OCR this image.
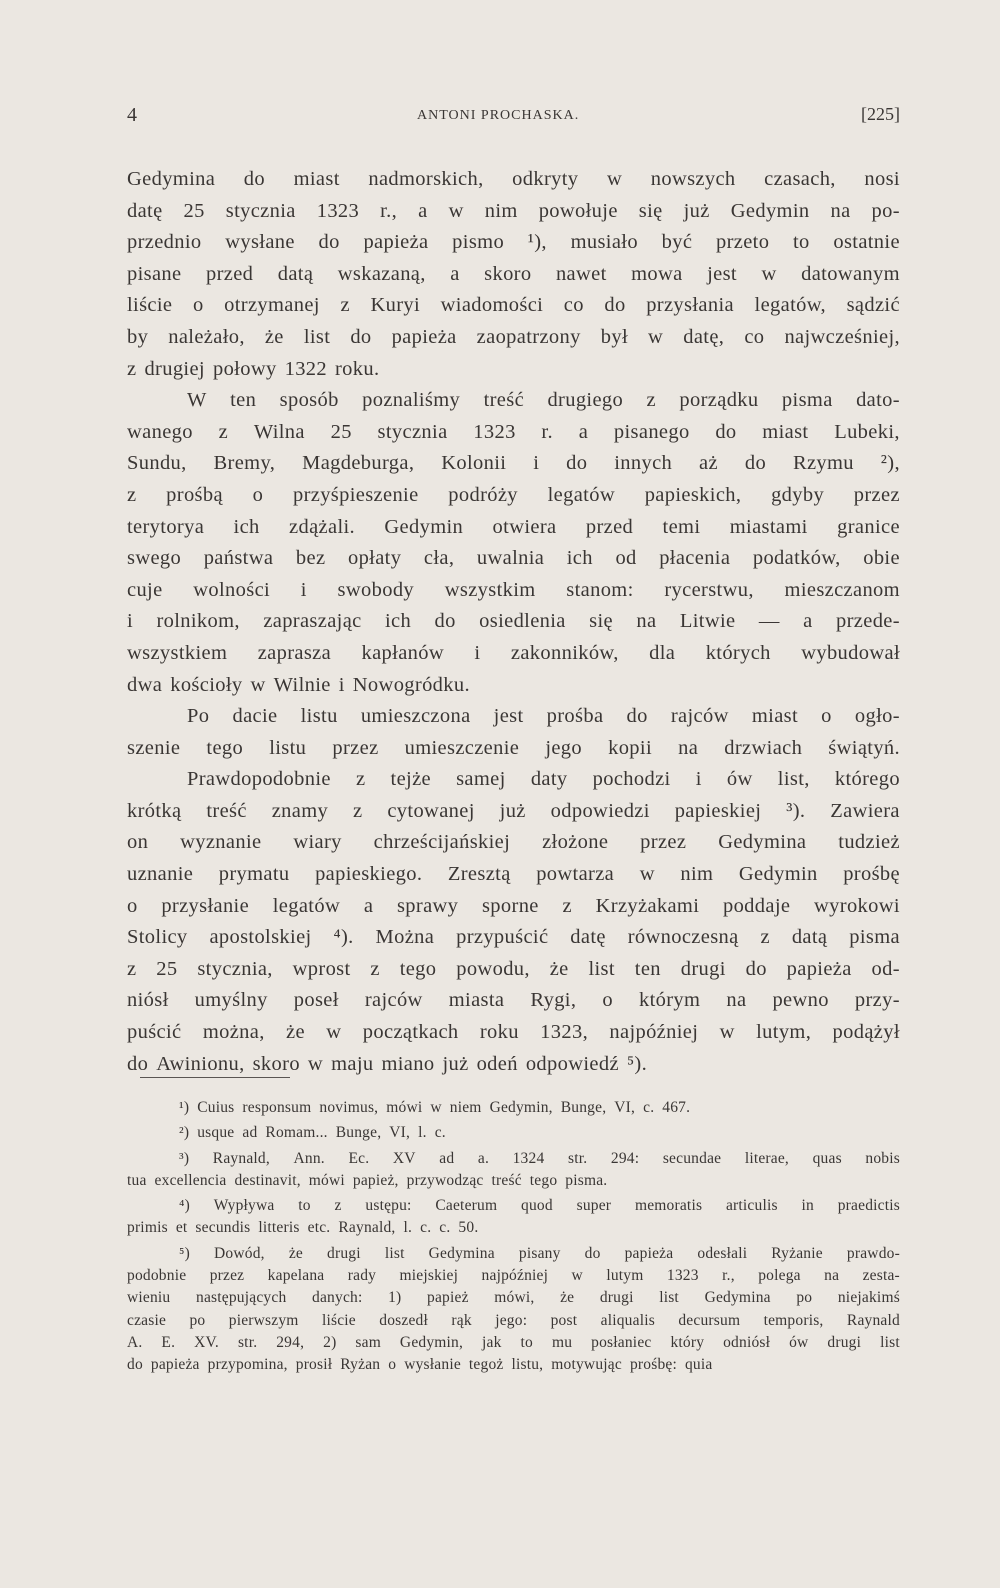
4	ANTONI PROCHASKA.	[225]
Gedymina do miast nadmorskich, odkryty w nowszych czasach, nosi
datę 25 stycznia 1323 r., a w nim powołuje się już Gedymin na po-
przednio wysłane do papieża pismo ¹), musiało być przeto to ostatnie
pisane przed datą wskazaną, a skoro nawet mowa jest w datowanym
liście o otrzymanej z Kuryi wiadomości co do przysłania legatów, sądzić
by należało, że list do papieża zaopatrzony był w datę, co najwcześniej,
z drugiej połowy 1322 roku.
W ten sposób poznaliśmy treść drugiego z porządku pisma dato-
wanego z Wilna 25 stycznia 1323 r. a pisanego do miast Lubeki,
Sundu, Bremy, Magdeburga, Kolonii i do innych aż do Rzymu ²),
z prośbą o przyśpieszenie podróży legatów papieskich, gdyby przez
terytorya ich zdążali. Gedymin otwiera przed temi miastami granice
swego państwa bez opłaty cła, uwalnia ich od płacenia podatków, obie
cuje wolności i swobody wszystkim stanom: rycerstwu, mieszczanom
i rolnikom, zapraszając ich do osiedlenia się na Litwie — a przede-
wszystkiem zaprasza kapłanów i zakonników, dla których wybudował
dwa kościoły w Wilnie i Nowogródku.
Po dacie listu umieszczona jest prośba do rajców miast o ogło-
szenie tego listu przez umieszczenie jego kopii na drzwiach świątyń.
Prawdopodobnie z tejże samej daty pochodzi i ów list, którego
krótką treść znamy z cytowanej już odpowiedzi papieskiej ³). Zawiera
on wyznanie wiary chrześcijańskiej złożone przez Gedymina tudzież
uznanie prymatu papieskiego. Zresztą powtarza w nim Gedymin prośbę
o przysłanie legatów a sprawy sporne z Krzyżakami poddaje wyrokowi
Stolicy apostolskiej ⁴). Można przypuścić datę równoczesną z datą pisma
z 25 stycznia, wprost z tego powodu, że list ten drugi do papieża od-
niósł umyślny poseł rajców miasta Rygi, o którym na pewno przy-
puścić można, że w początkach roku 1323, najpóźniej w lutym, podążył
do Awinionu, skoro w maju miano już odeń odpowiedź ⁵).
¹) Cuius responsum novimus, mówi w niem Gedymin, Bunge, VI, c. 467.
²) usque ad Romam... Bunge, VI, l. c.
³) Raynald, Ann. Ec. XV ad a. 1324 str. 294: secundae literae, quas nobis
tua excellencia destinavit, mówi papież, przywodząc treść tego pisma.
⁴) Wypływa to z ustępu: Caeterum quod super memoratis articulis in praedictis
primis et secundis litteris etc. Raynald, l. c. c. 50.
⁵) Dowód, że drugi list Gedymina pisany do papieża odesłali Ryżanie prawdo-
podobnie przez kapelana rady miejskiej najpóźniej w lutym 1323 r., polega na zesta-
wieniu następujących danych: 1) papież mówi, że drugi list Gedymina po niejakimś
czasie po pierwszym liście doszedł rąk jego: post aliqualis decursum temporis, Raynald
A. E. XV. str. 294, 2) sam Gedymin, jak to mu posłaniec który odniósł ów drugi list
do papieża przypomina, prosił Ryżan o wysłanie tegoż listu, motywując prośbę: quia
